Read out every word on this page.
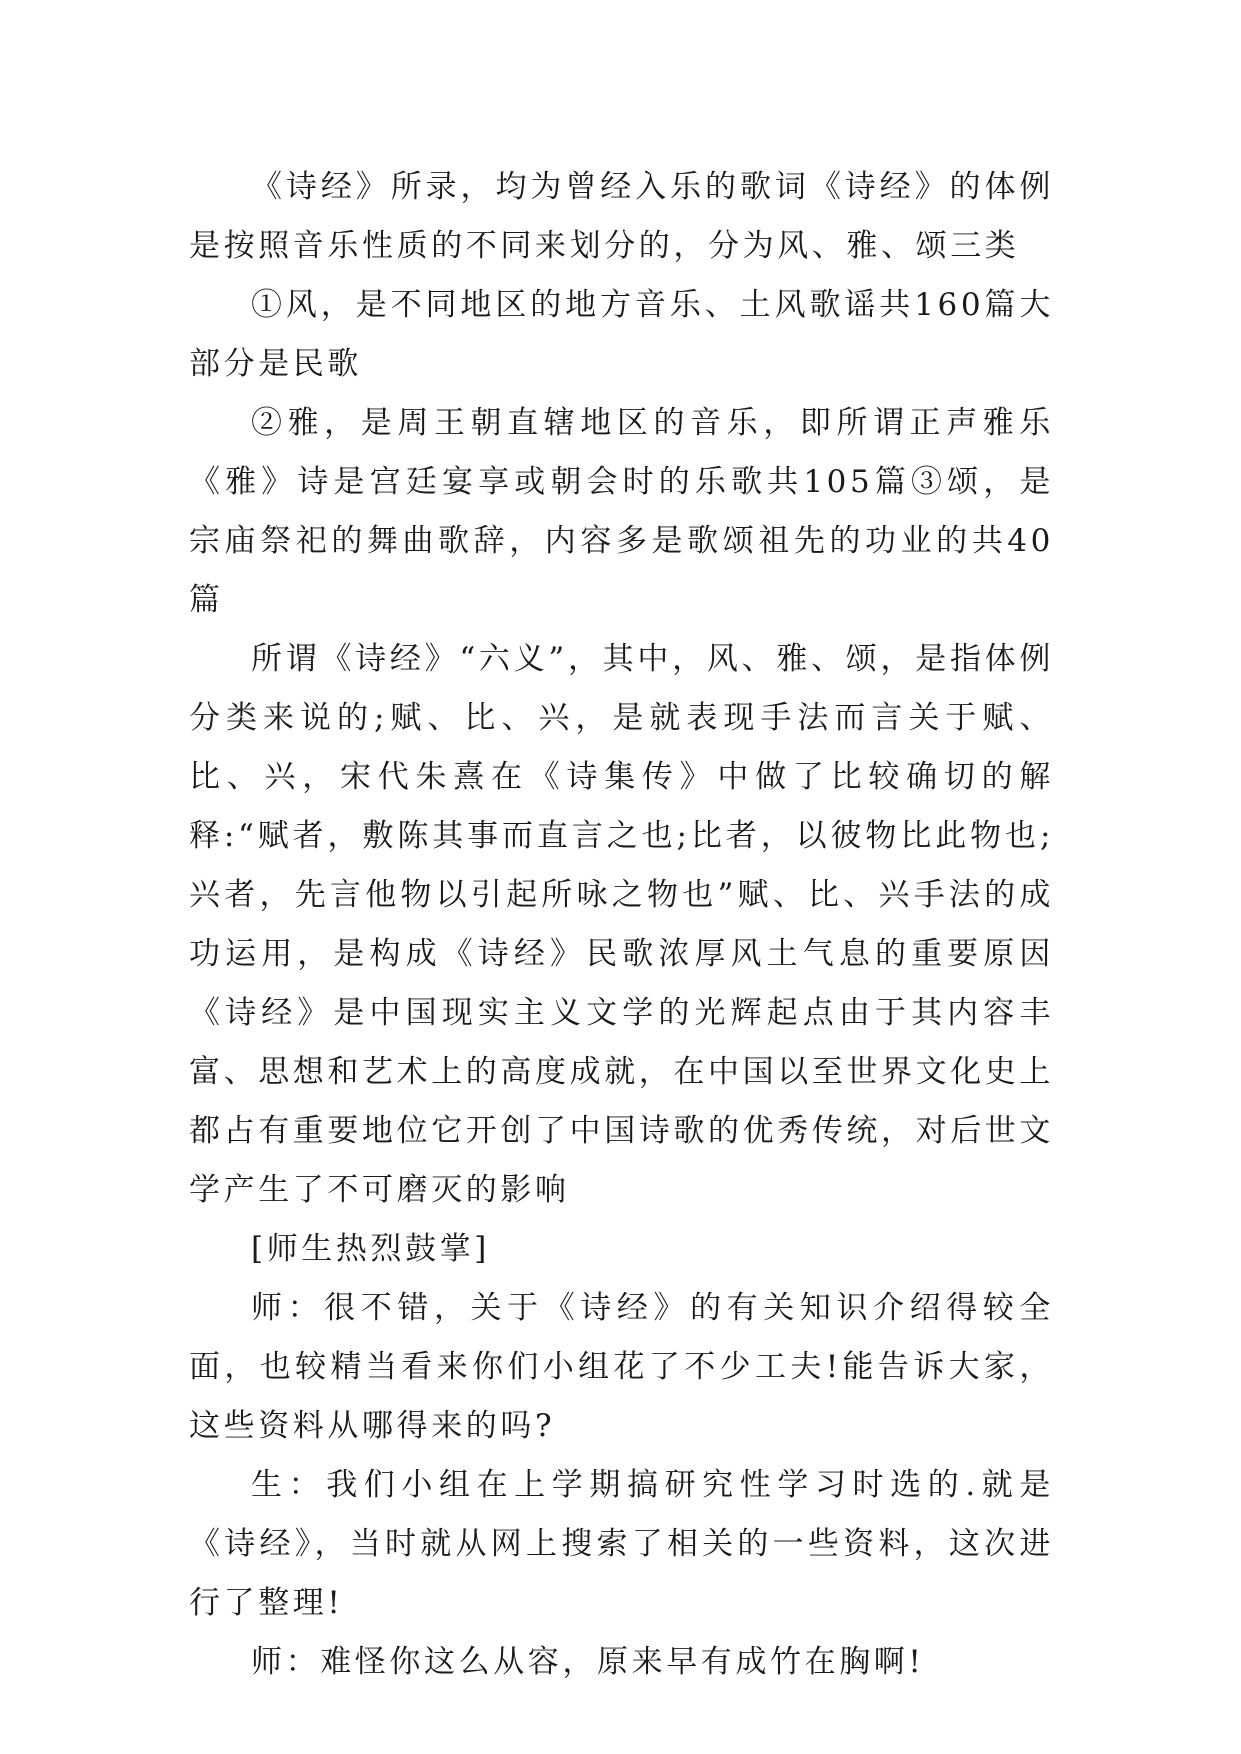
《诗经》所录，均为曾经入乐的歌词《诗经》的体例是按照音乐性质的不同来划分的，分为风、雅、颂三类

①风，是不同地区的地方音乐、土风歌谣共160篇大部分是民歌

②雅，是周王朝直辖地区的音乐，即所谓正声雅乐《雅》诗是宫廷宴享或朝会时的乐歌共105篇③颂，是宗庙祭祀的舞曲歌辞，内容多是歌颂祖先的功业的共40篇

所谓《诗经》“六义”，其中，风、雅、颂，是指体例分类来说的;赋、比、兴，是就表现手法而言关于赋、比、兴，宋代朱熹在《诗集传》中做了比较确切的解释:“赋者，敷陈其事而直言之也;比者，以彼物比此物也;兴者，先言他物以引起所咏之物也”赋、比、兴手法的成功运用，是构成《诗经》民歌浓厚风土气息的重要原因《诗经》是中国现实主义文学的光辉起点由于其内容丰富、思想和艺术上的高度成就，在中国以至世界文化史上都占有重要地位它开创了中国诗歌的优秀传统，对后世文学产生了不可磨灭的影响

[师生热烈鼓掌]

师：很不错，关于《诗经》的有关知识介绍得较全面，也较精当看来你们小组花了不少工夫!能告诉大家，这些资料从哪得来的吗?

生：我们小组在上学期搞研究性学习时选的.就是《诗经》，当时就从网上搜索了相关的一些资料，这次进行了整理!

师：难怪你这么从容，原来早有成竹在胸啊!
